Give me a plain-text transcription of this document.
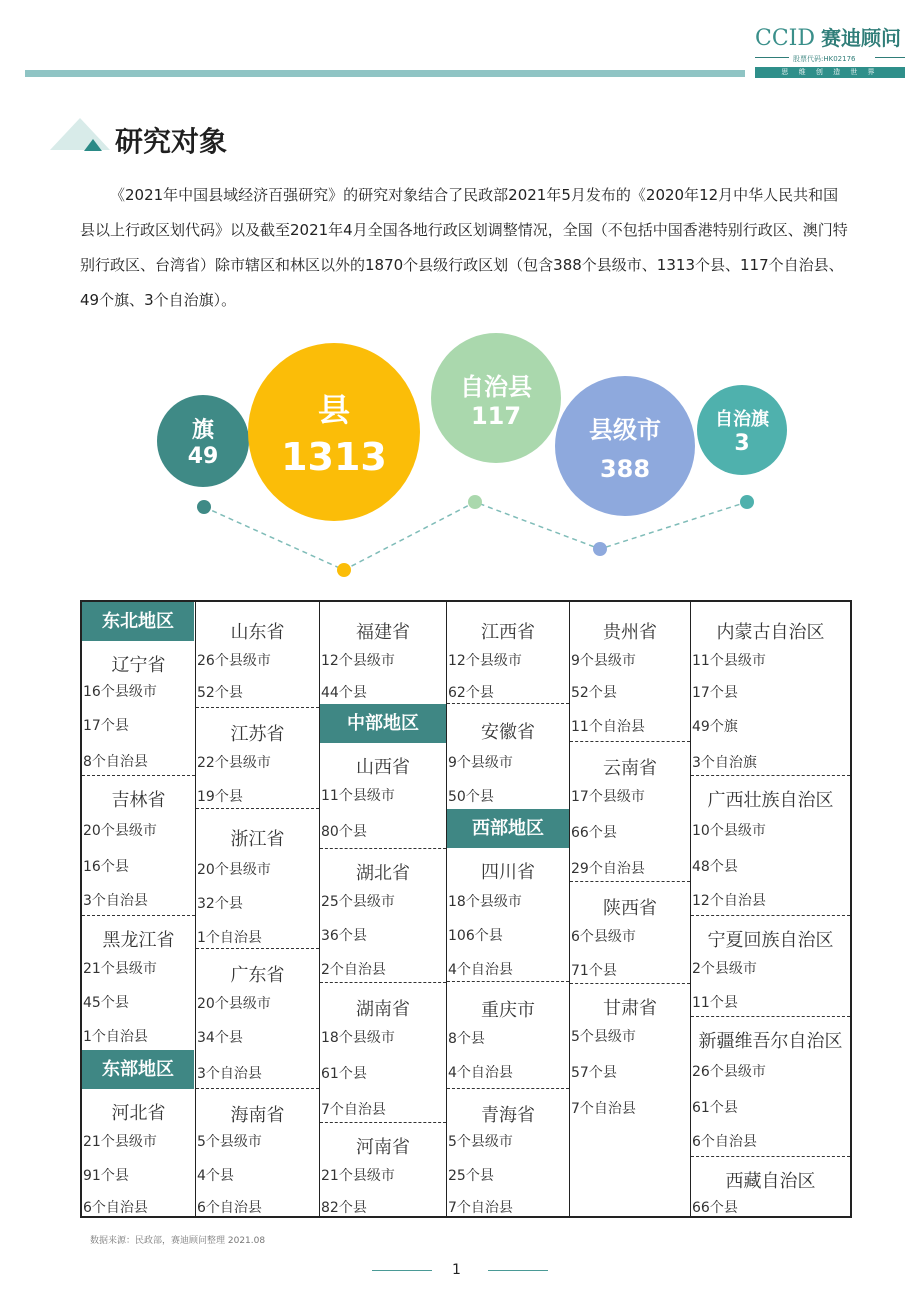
CCID 赛迪顾问
股票代码:HK02176
思 维 创 造 世 界
研究对象

《2021年中国县域经济百强研究》的研究对象结合了民政部2021年5月发布的《2020年12月中华人民共和国县以上行政区划代码》以及截至2021年4月全国各地行政区划调整情况，全国（不包括中国香港特别行政区、澳门特别行政区、台湾省）除市辖区和林区以外的1870个县级行政区划（包含388个县级市、1313个县、117个自治县、49个旗、3个自治旗）。

旗
49
县
1313
自治县
117	县级市
388
自治旗
3
东北地区
辽宁省
16个县级市
17个县
8个自治县
吉林省
20个县级市
16个县
3个自治县
黑龙江省
21个县级市
45个县
1个自治县
东部地区
河北省
21个县级市
91个县
6个自治县
山东省
26个县级市
52个县
江苏省
22个县级市
19个县
浙江省
20个县级市
32个县
1个自治县
广东省
20个县级市
34个县
3个自治县
海南省
5个县级市
4个县
6个自治县
福建省
12个县级市
44个县
中部地区
山西省
11个县级市
80个县
湖北省
25个县级市
36个县
2个自治县
湖南省
18个县级市
61个县
7个自治县
河南省
21个县级市
82个县
江西省
12个县级市
62个县
安徽省
9个县级市
50个县
西部地区
四川省
18个县级市
106个县
4个自治县
重庆市
8个县
4个自治县
青海省
5个县级市
25个县
7个自治县
贵州省
9个县级市
52个县
11个自治县
云南省
17个县级市
66个县
29个自治县
陕西省
6个县级市
71个县
甘肃省
5个县级市
57个县
7个自治县
内蒙古自治区
11个县级市
17个县
49个旗
3个自治旗
广西壮族自治区
10个县级市
48个县
12个自治县
宁夏回族自治区
2个县级市
11个县
新疆维吾尔自治区
26个县级市
61个县
6个自治县
西藏自治区
66个县
数据来源：民政部，赛迪顾问整理 2021.08
1
